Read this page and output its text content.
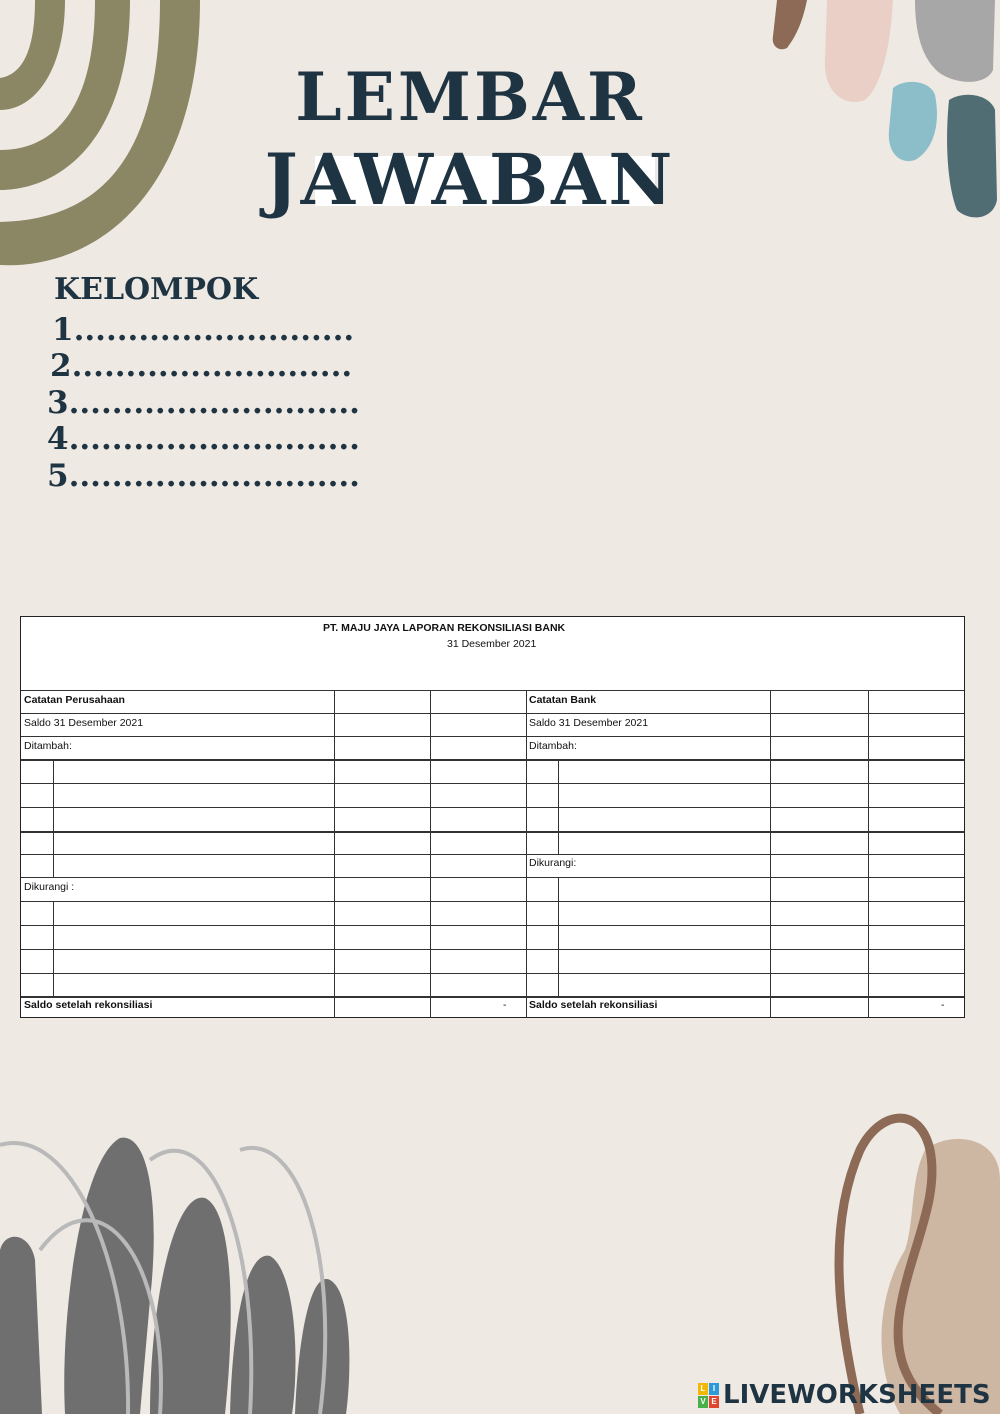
LEMBAR
JAWABAN
KELOMPOK
1..........................
2..........................
3...........................
4...........................
5...........................
PT. MAJU JAYA LAPORAN REKONSILIASI BANK
31 Desember 2021
Catatan Perusahaan
Saldo 31 Desember 2021
Ditambah:
Dikurangi :
Saldo setelah rekonsiliasi	-
Catatan Bank
Saldo 31 Desember 2021
Ditambah:
Dikurangi:
Saldo setelah rekonsiliasi	-
L I
V E LIVEWORKSHEETS
